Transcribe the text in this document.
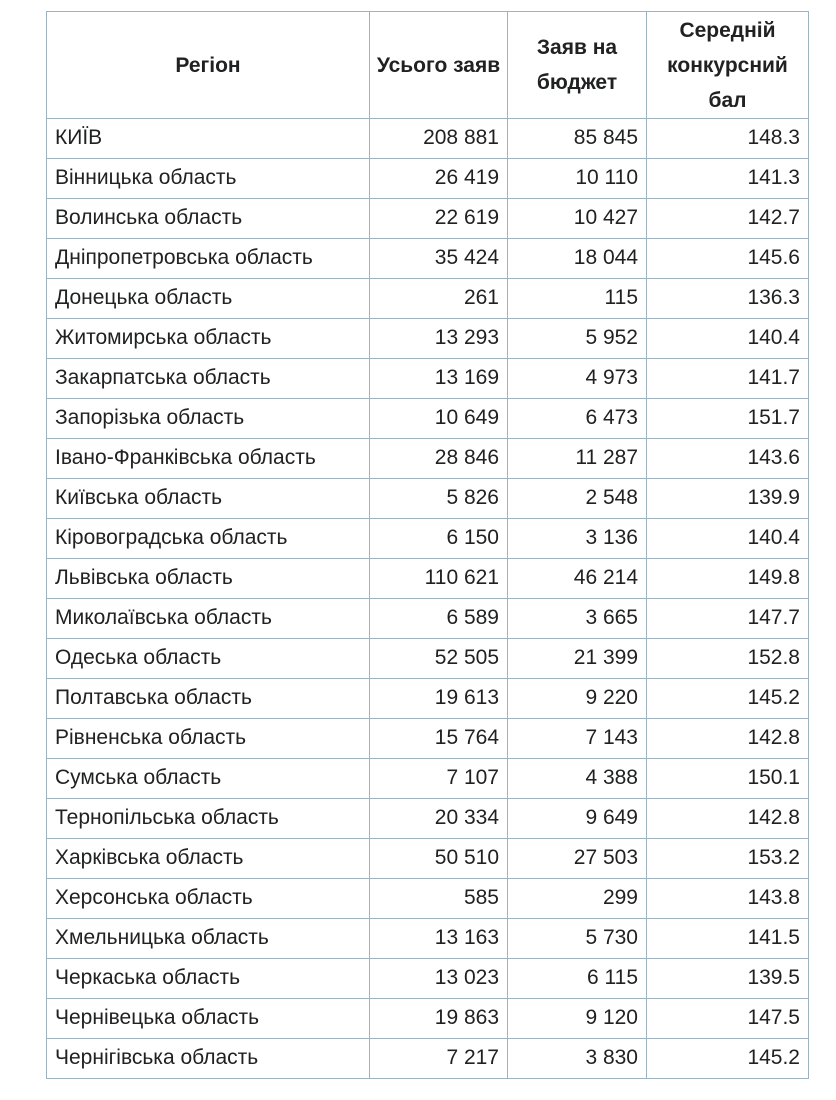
Регіон	Усього заяв	Заяв на бюджет	Середній конкурсний бал
КИЇВ	208 881	85 845	148.3
Вінницька область	26 419	10 110	141.3
Волинська область	22 619	10 427	142.7
Дніпропетровська область	35 424	18 044	145.6
Донецька область	261	115	136.3
Житомирська область	13 293	5 952	140.4
Закарпатська область	13 169	4 973	141.7
Запорізька область	10 649	6 473	151.7
Івано-Франківська область	28 846	11 287	143.6
Київська область	5 826	2 548	139.9
Кіровоградська область	6 150	3 136	140.4
Львівська область	110 621	46 214	149.8
Миколаївська область	6 589	3 665	147.7
Одеська область	52 505	21 399	152.8
Полтавська область	19 613	9 220	145.2
Рівненська область	15 764	7 143	142.8
Сумська область	7 107	4 388	150.1
Тернопільська область	20 334	9 649	142.8
Харківська область	50 510	27 503	153.2
Херсонська область	585	299	143.8
Хмельницька область	13 163	5 730	141.5
Черкаська область	13 023	6 115	139.5
Чернівецька область	19 863	9 120	147.5
Чернігівська область	7 217	3 830	145.2
